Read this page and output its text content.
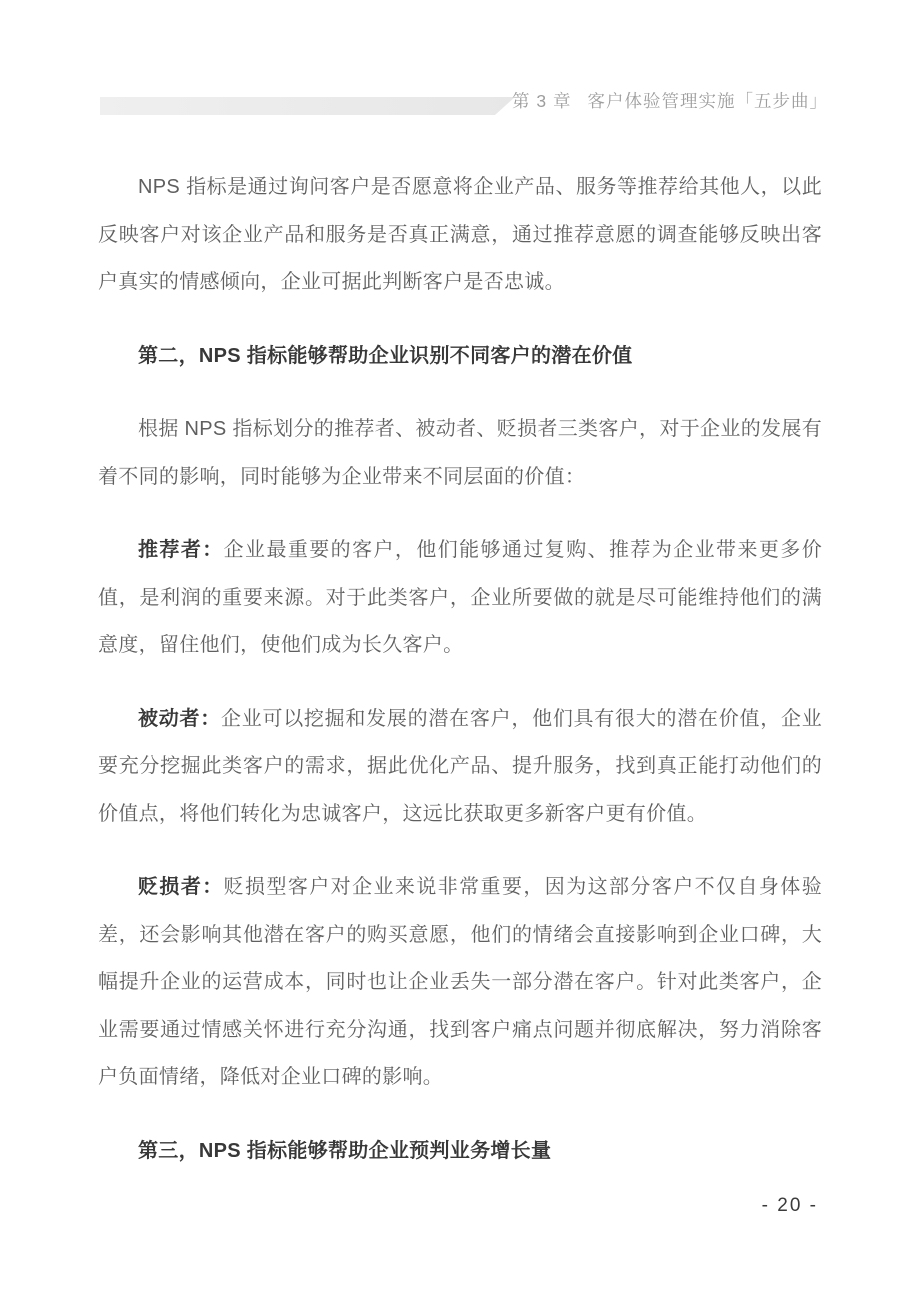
第 3 章 客户体验管理实施「五步曲」

NPS 指标是通过询问客户是否愿意将企业产品、服务等推荐给其他人，以此反映客户对该企业产品和服务是否真正满意，通过推荐意愿的调查能够反映出客户真实的情感倾向，企业可据此判断客户是否忠诚。

第二，NPS 指标能够帮助企业识别不同客户的潜在价值

根据 NPS 指标划分的推荐者、被动者、贬损者三类客户，对于企业的发展有着不同的影响，同时能够为企业带来不同层面的价值：

推荐者：企业最重要的客户，他们能够通过复购、推荐为企业带来更多价值，是利润的重要来源。对于此类客户，企业所要做的就是尽可能维持他们的满意度，留住他们，使他们成为长久客户。

被动者：企业可以挖掘和发展的潜在客户，他们具有很大的潜在价值，企业要充分挖掘此类客户的需求，据此优化产品、提升服务，找到真正能打动他们的价值点，将他们转化为忠诚客户，这远比获取更多新客户更有价值。

贬损者：贬损型客户对企业来说非常重要，因为这部分客户不仅自身体验差，还会影响其他潜在客户的购买意愿，他们的情绪会直接影响到企业口碑，大幅提升企业的运营成本，同时也让企业丢失一部分潜在客户。针对此类客户，企业需要通过情感关怀进行充分沟通，找到客户痛点问题并彻底解决，努力消除客户负面情绪，降低对企业口碑的影响。

第三，NPS 指标能够帮助企业预判业务增长量
- 20 -
